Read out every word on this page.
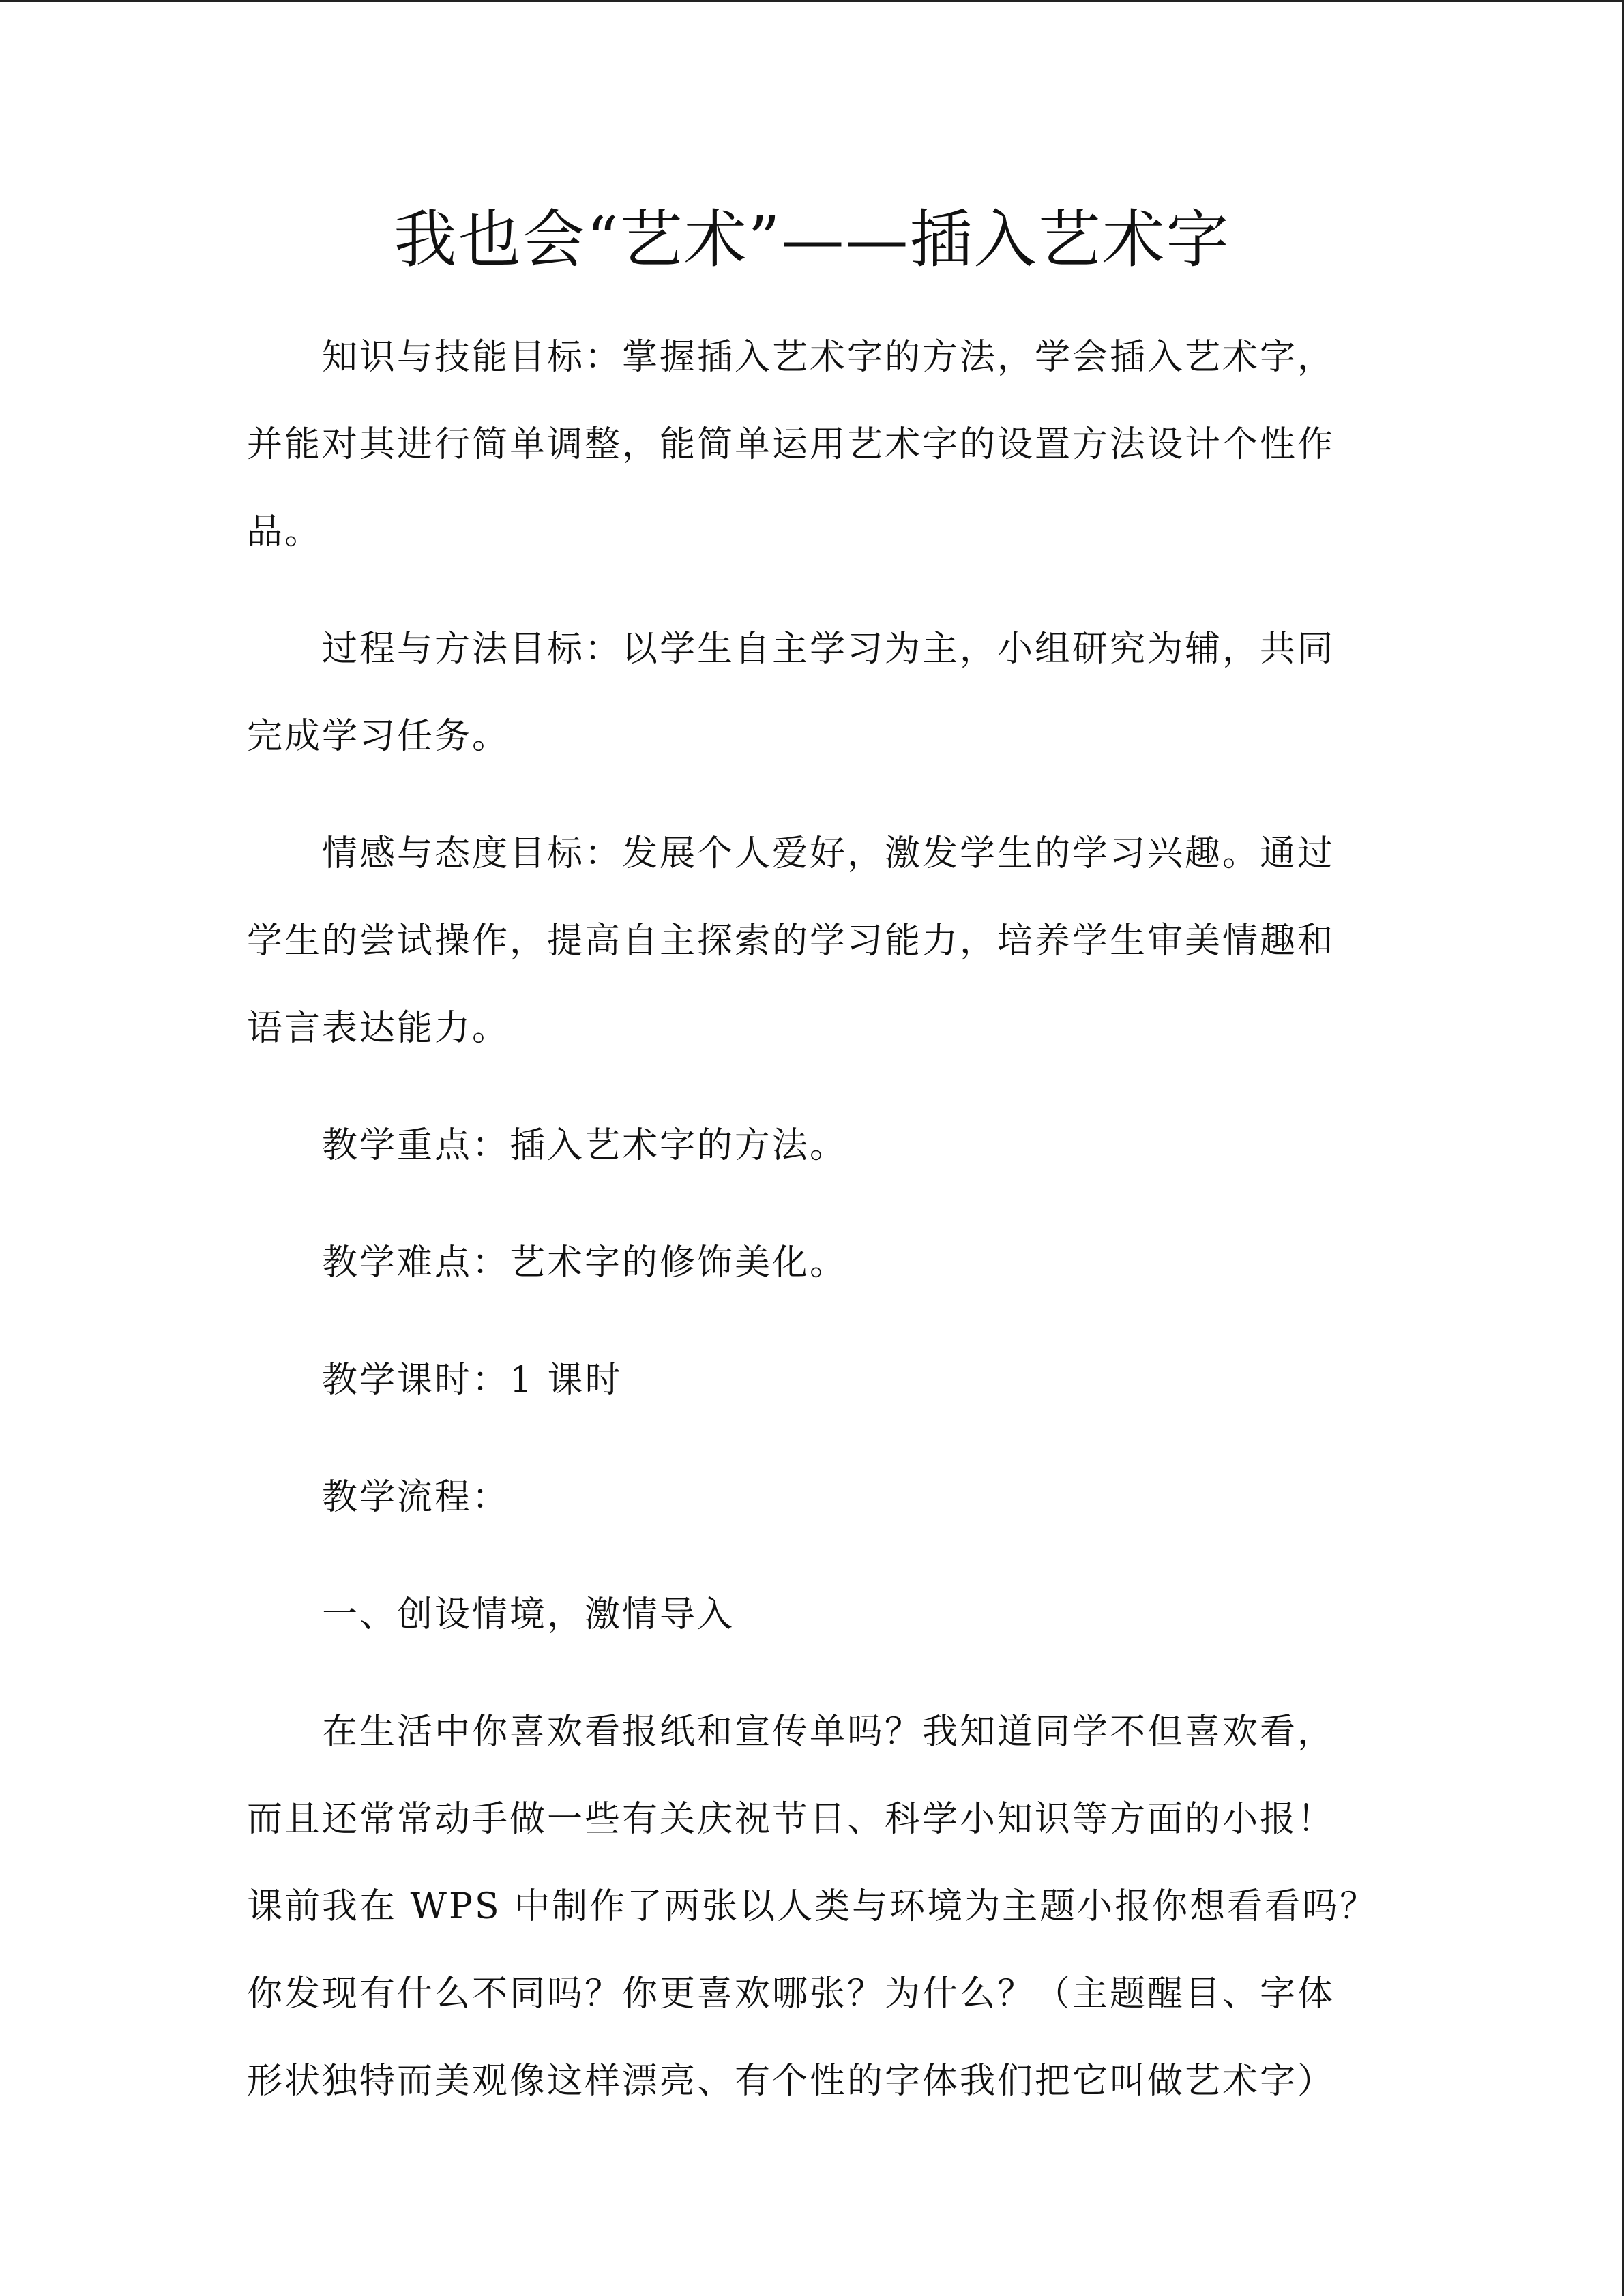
我也会“艺术”——插入艺术字

知识与技能目标：掌握插入艺术字的方法，学会插入艺术字，
并能对其进行简单调整，能简单运用艺术字的设置方法设计个性作
品。

过程与方法目标：以学生自主学习为主，小组研究为辅，共同
完成学习任务。

情感与态度目标：发展个人爱好，激发学生的学习兴趣。通过
学生的尝试操作，提高自主探索的学习能力，培养学生审美情趣和
语言表达能力。

教学重点：插入艺术字的方法。

教学难点：艺术字的修饰美化。

教学课时：1 课时

教学流程：

一、创设情境，激情导入

在生活中你喜欢看报纸和宣传单吗？我知道同学不但喜欢看，
而且还常常动手做一些有关庆祝节日、科学小知识等方面的小报！
课前我在 WPS 中制作了两张以人类与环境为主题小报你想看看吗？
你发现有什么不同吗？你更喜欢哪张？为什么？（主题醒目、字体
形状独特而美观像这样漂亮、有个性的字体我们把它叫做艺术字）
